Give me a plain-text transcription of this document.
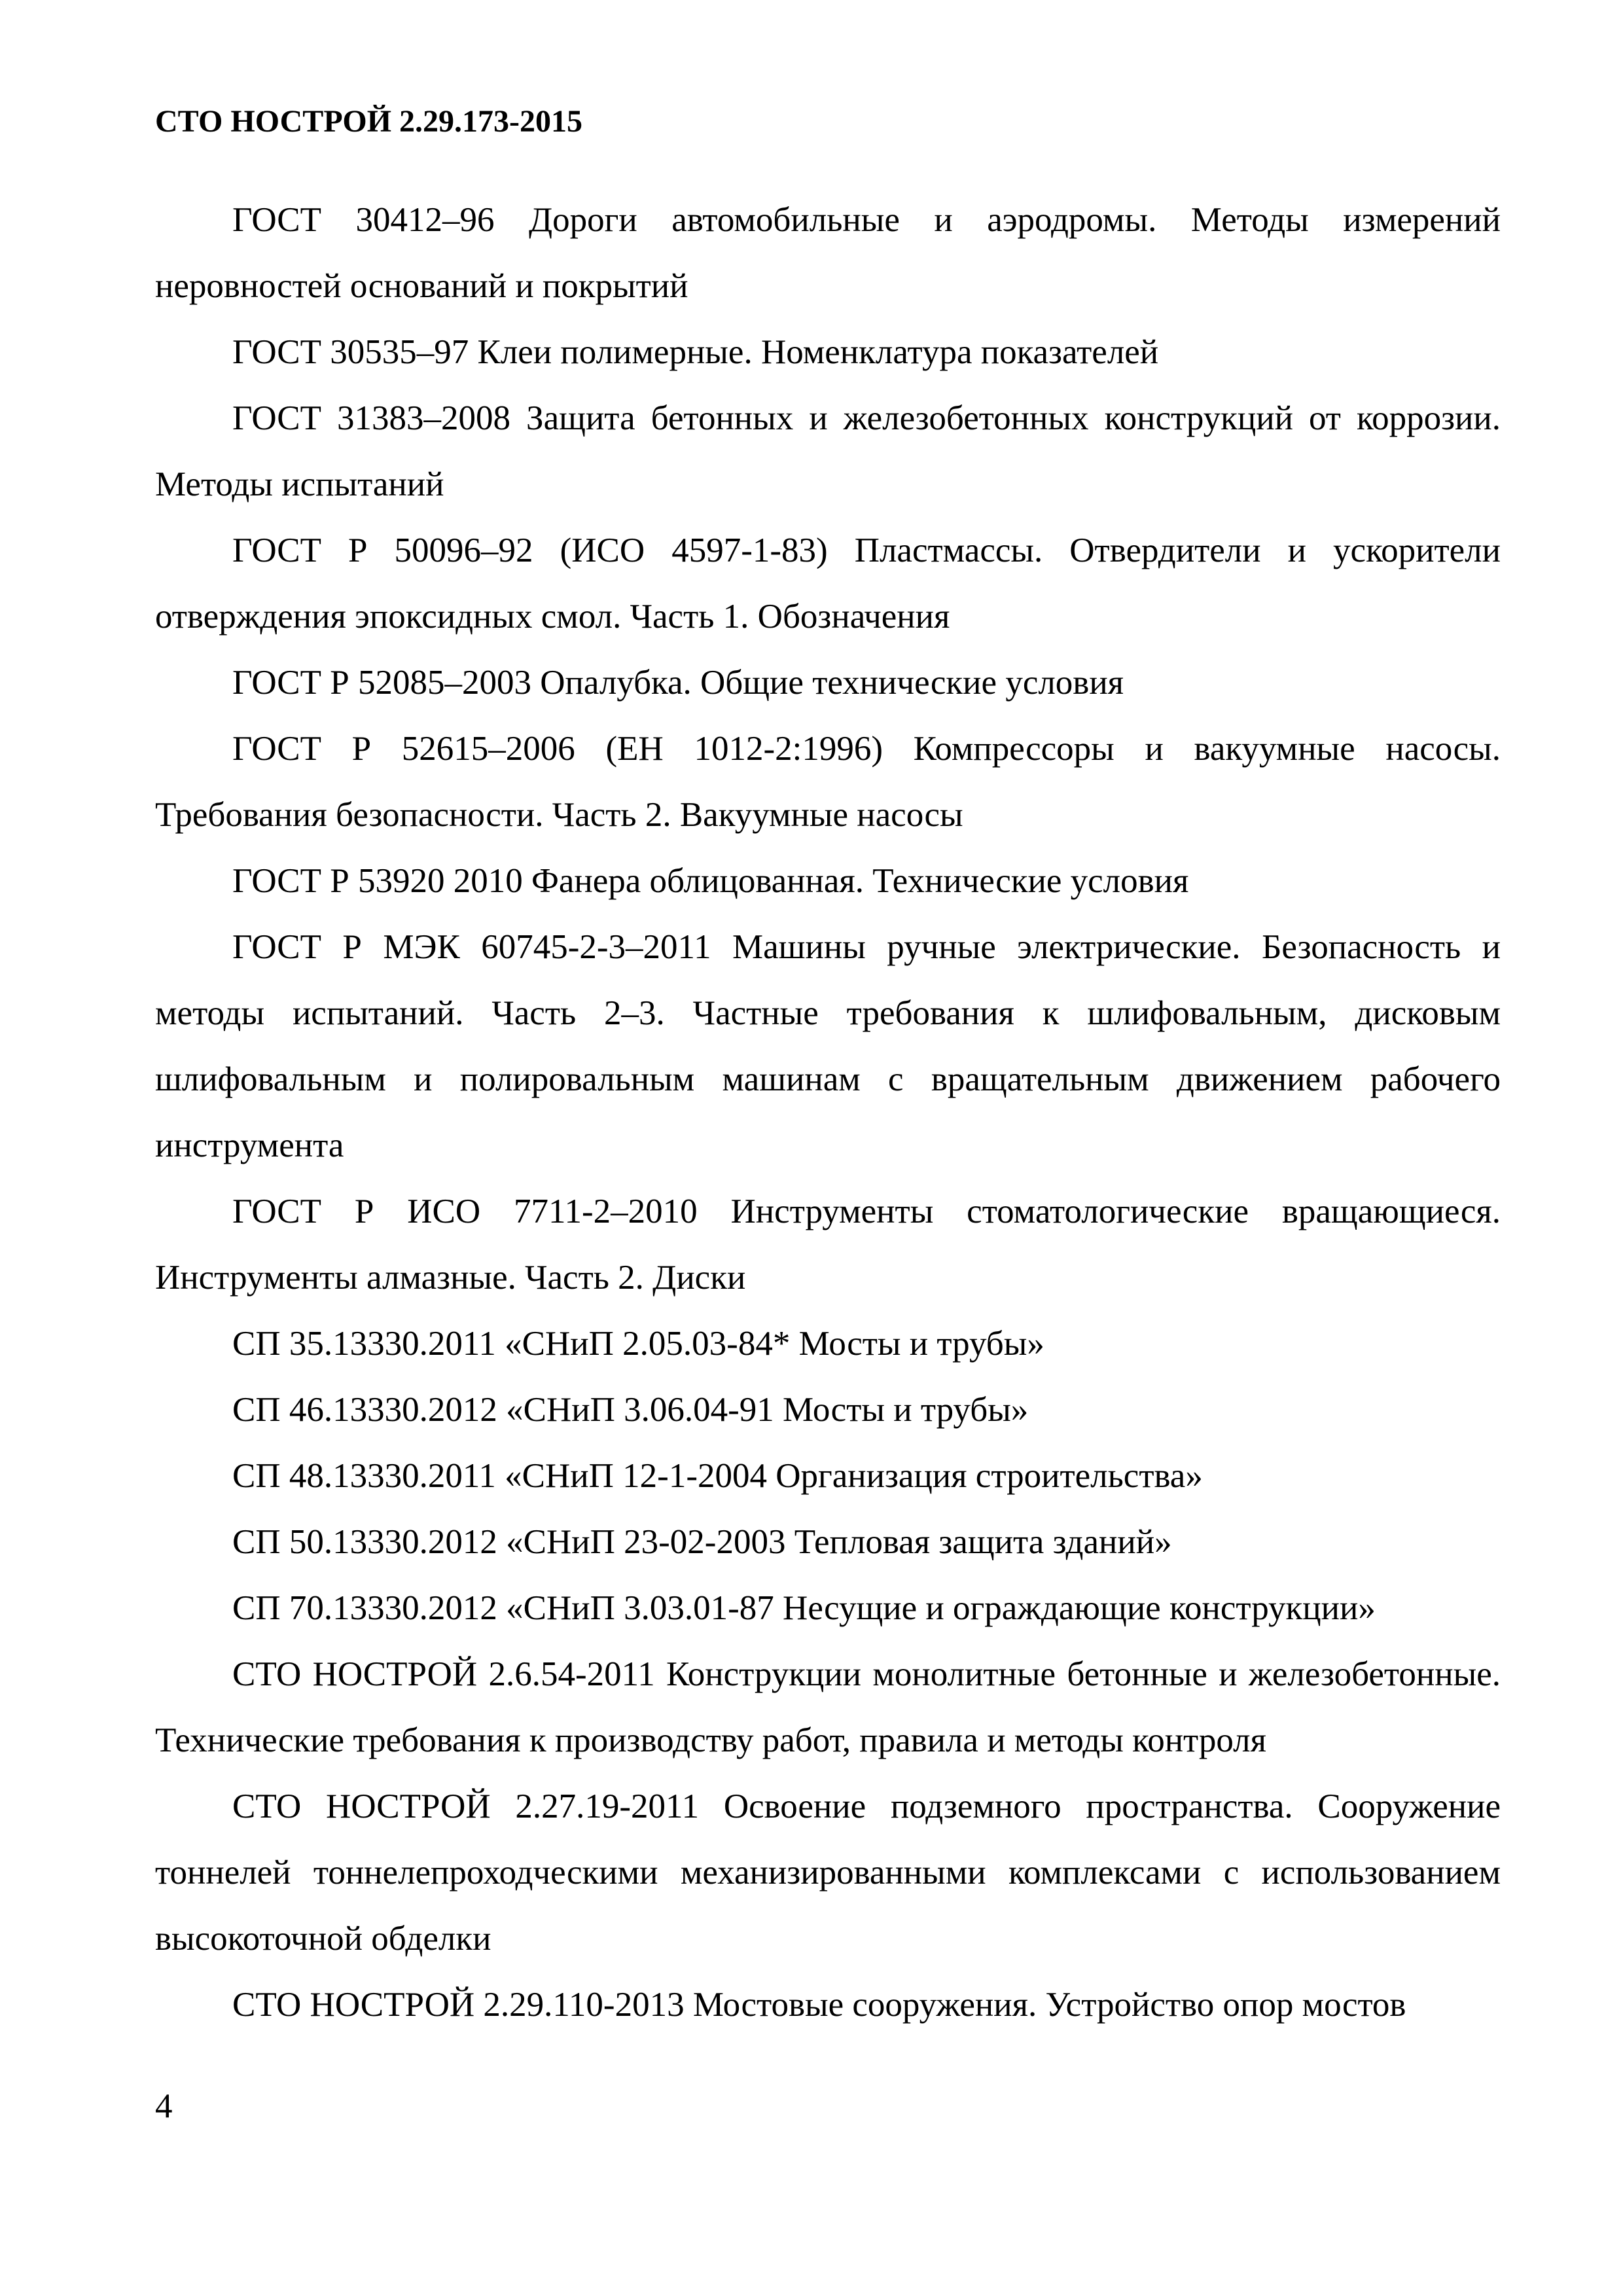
СТО НОСТРОЙ 2.29.173-2015

ГОСТ 30412–96 Дороги автомобильные и аэродромы. Методы измерений неровностей оснований и покрытий

ГОСТ 30535–97 Клеи полимерные. Номенклатура показателей

ГОСТ 31383–2008 Защита бетонных и железобетонных конструкций от коррозии. Методы испытаний

ГОСТ Р 50096–92 (ИСО 4597-1-83) Пластмассы. Отвердители и ускорители отверждения эпоксидных смол. Часть 1. Обозначения

ГОСТ Р 52085–2003 Опалубка. Общие технические условия

ГОСТ Р 52615–2006 (ЕН 1012-2:1996) Компрессоры и вакуумные насосы. Требования безопасности. Часть 2. Вакуумные насосы

ГОСТ Р 53920 2010 Фанера облицованная. Технические условия

ГОСТ Р МЭК 60745-2-3–2011 Машины ручные электрические. Безопасность и методы испытаний. Часть 2–3. Частные требования к шлифовальным, дисковым шлифовальным и полировальным машинам с вращательным движением рабочего инструмента

ГОСТ Р ИСО 7711-2–2010 Инструменты стоматологические вращающиеся. Инструменты алмазные. Часть 2. Диски

СП 35.13330.2011 «СНиП 2.05.03-84* Мосты и трубы»

СП 46.13330.2012 «СНиП 3.06.04-91 Мосты и трубы»

СП 48.13330.2011 «СНиП 12-1-2004 Организация строительства»

СП 50.13330.2012 «СНиП 23-02-2003 Тепловая защита зданий»

СП 70.13330.2012 «СНиП 3.03.01-87 Несущие и ограждающие конструкции»

СТО НОСТРОЙ 2.6.54-2011 Конструкции монолитные бетонные и железобетонные. Технические требования к производству работ, правила и методы контроля

СТО НОСТРОЙ 2.27.19-2011 Освоение подземного пространства. Сооружение тоннелей тоннелепроходческими механизированными комплексами с использованием высокоточной обделки

СТО НОСТРОЙ 2.29.110-2013 Мостовые сооружения. Устройство опор мостов

4
